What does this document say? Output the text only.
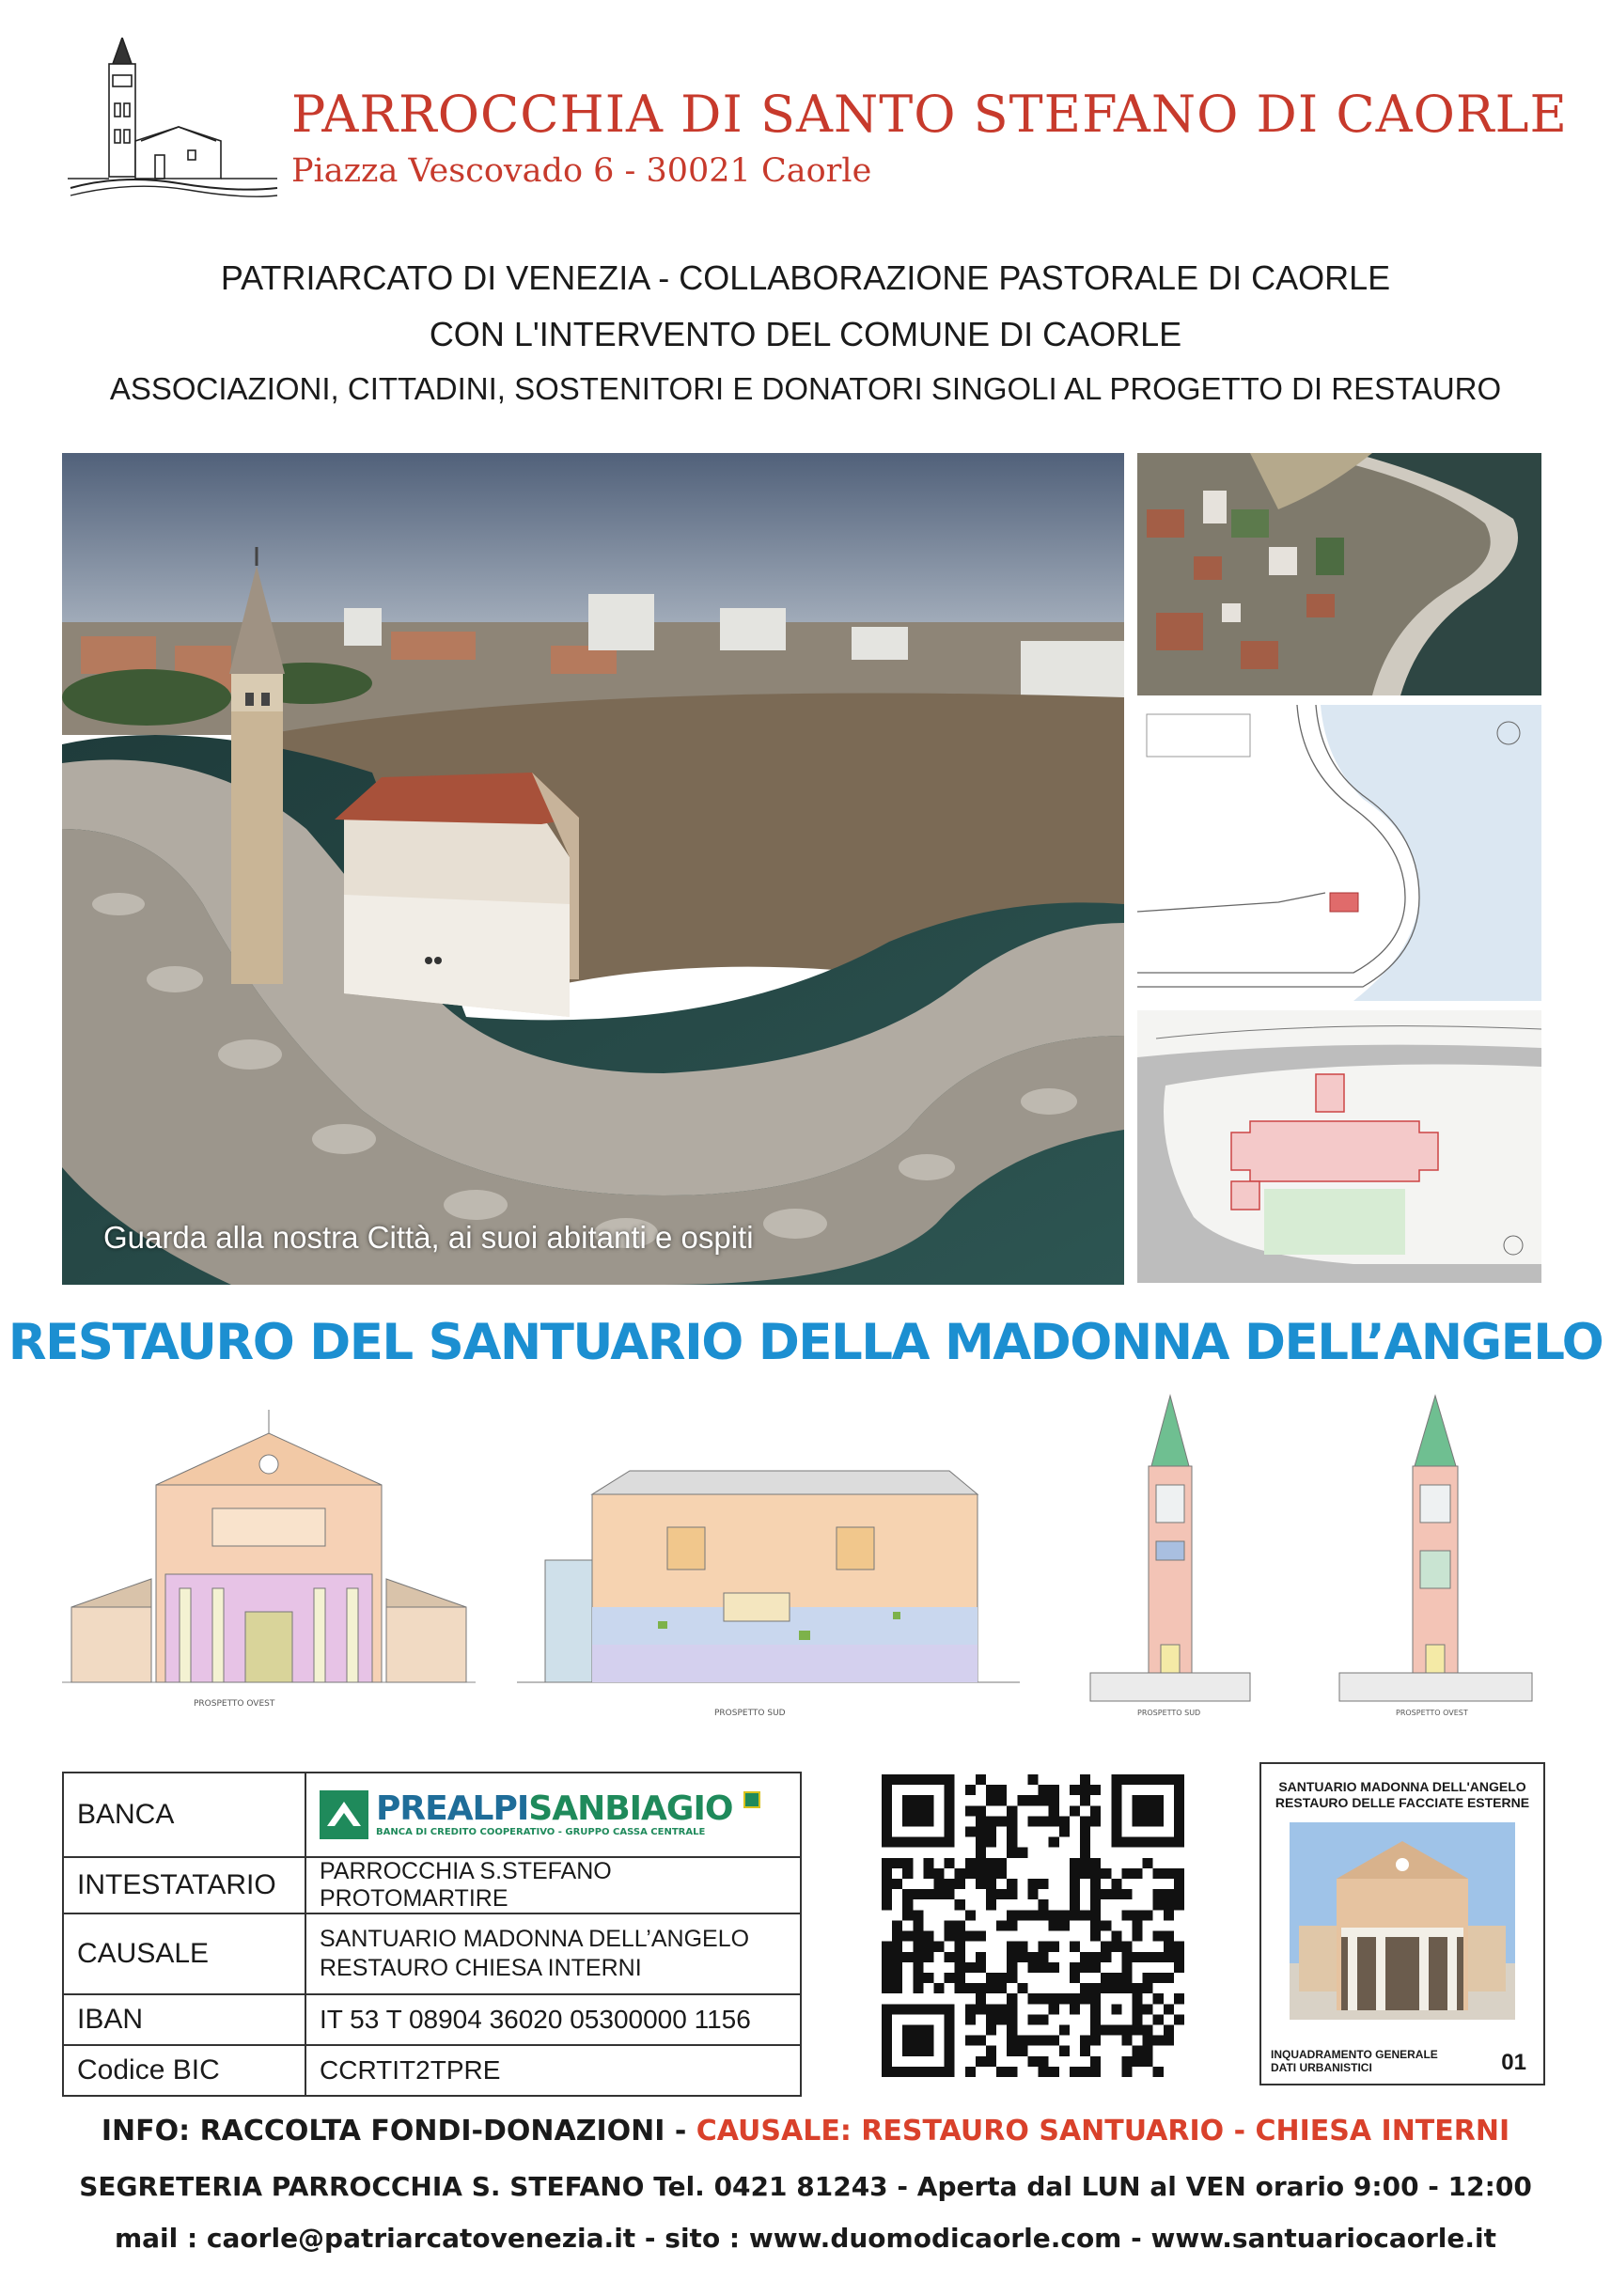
PARROCCHIA DI SANTO STEFANO DI CAORLE
Piazza Vescovado 6 - 30021 Caorle
PATRIARCATO DI VENEZIA - COLLABORAZIONE PASTORALE DI CAORLE
CON L'INTERVENTO DEL COMUNE DI CAORLE
ASSOCIAZIONI, CITTADINI, SOSTENITORI E DONATORI SINGOLI AL PROGETTO DI RESTAURO
Guarda alla nostra Città, ai suoi abitanti e ospiti
RESTAURO DEL SANTUARIO DELLA MADONNA DELL’ANGELO
PROSPETTO OVEST
PROSPETTO SUD	PROSPETTO SUD	PROSPETTO OVEST
BANCA	PREALPISANBIAGIO
BANCA DI CREDITO COOPERATIVO - GRUPPO CASSA CENTRALE

INTESTATARIO	PARROCCHIA S.STEFANO PROTOMARTIRE
CAUSALE	SANTUARIO MADONNA DELL’ANGELO
RESTAURO CHIESA INTERNI

IBAN	IT 53 T 08904 36020 05300000 1156
Codice BIC	CCRTIT2TPRE
SANTUARIO MADONNA DELL'ANGELO
RESTAURO DELLE FACCIATE ESTERNE
INQUADRAMENTO GENERALE
DATI URBANISTICI	01
INFO: RACCOLTA FONDI-DONAZIONI - CAUSALE: RESTAURO SANTUARIO - CHIESA INTERNI
SEGRETERIA PARROCCHIA S. STEFANO Tel. 0421 81243 - Aperta dal LUN al VEN orario 9:00 - 12:00
mail : caorle@patriarcatovenezia.it - sito : www.duomodicaorle.com - www.santuariocaorle.it
